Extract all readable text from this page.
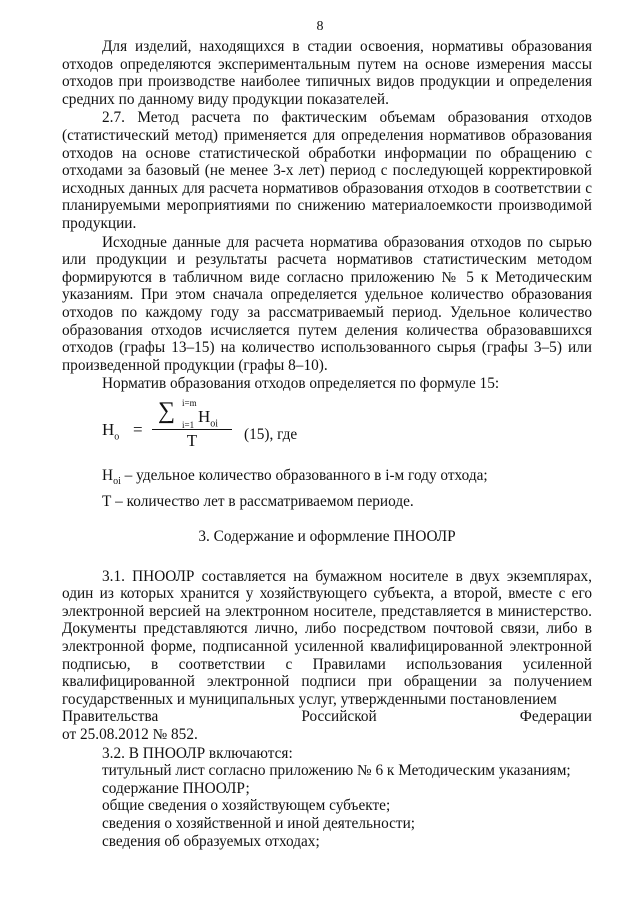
8

Для изделий, находящихся в стадии освоения, нормативы образования отходов определяются экспериментальным путем на основе измерения массы отходов при производстве наиболее типичных видов продукции и определения средних по данному виду продукции показателей.

2.7. Метод расчета по фактическим объемам образования отходов (статистический метод) применяется для определения нормативов образования отходов на основе статистической обработки информации по обращению с отходами за базовый (не менее 3-х лет) период с последующей корректировкой исходных данных для расчета нормативов образования отходов в соответствии с планируемыми мероприятиями по снижению материалоемкости производимой продукции.

Исходные данные для расчета норматива образования отходов по сырью или продукции и результаты расчета нормативов статистическим методом формируются в табличном виде согласно приложению № 5 к Методическим указаниям. При этом сначала определяется удельное количество образования отходов по каждому году за рассматриваемый период. Удельное количество образования отходов исчисляется путем деления количества образовавшихся отходов (графы 13–15) на количество использованного сырья (графы 3–5) или произведенной продукции (графы 8–10).

Норматив образования отходов определяется по формуле 15:

$Н_о$ =
∑ i=m
i=1 $Н_{oi}$
Т	(15), где

$Н_{oi}$ – удельное количество образованного в i-м году отхода;

Т – количество лет в рассматриваемом периоде.

3. Содержание и оформление ПНООЛР

3.1. ПНООЛР составляется на бумажном носителе в двух экземплярах, один из которых хранится у хозяйствующего субъекта, а второй, вместе с его электронной версией на электронном носителе, представляется в министерство. Документы представляются лично, либо посредством почтовой связи, либо в электронной форме, подписанной усиленной квалифицированной электронной подписью, в соответствии с Правилами использования усиленной квалифицированной электронной подписи при обращении за получением государственных и муниципальных услуг, утвержденными постановлением

Правительства	Российской	Федерации

от 25.08.2012 № 852.

3.2. В ПНООЛР включаются:

титульный лист согласно приложению № 6 к Методическим указаниям;

содержание ПНООЛР;

общие сведения о хозяйствующем субъекте;

сведения о хозяйственной и иной деятельности;

сведения об образуемых отходах;
